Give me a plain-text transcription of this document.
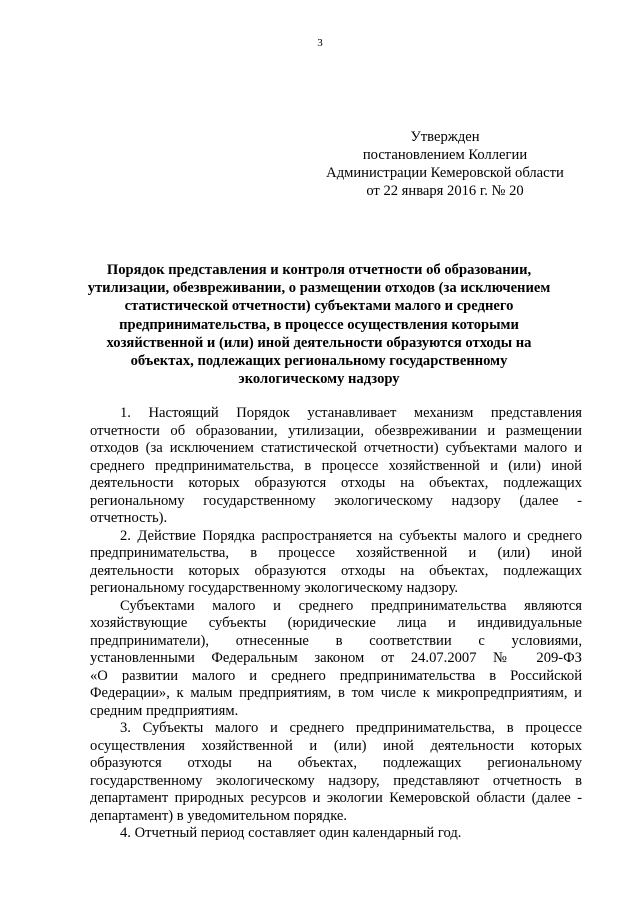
3
Утвержден
постановлением Коллегии
Администрации Кемеровской области
от 22 января 2016 г. № 20
Порядок представления и контроля отчетности об образовании,
утилизации, обезвреживании, о размещении отходов (за исключением
статистической отчетности) субъектами малого и среднего
предпринимательства, в процессе осуществления которыми
хозяйственной и (или) иной деятельности образуются отходы на
объектах, подлежащих региональному государственному
экологическому надзору
1. Настоящий Порядок устанавливает механизм представления
отчетности об образовании, утилизации, обезвреживании и размещении
отходов (за исключением статистической отчетности) субъектами малого и
среднего предпринимательства, в процессе хозяйственной и (или) иной
деятельности которых образуются отходы на объектах, подлежащих
региональному государственному экологическому надзору (далее -
отчетность).
2. Действие Порядка распространяется на субъекты малого и среднего
предпринимательства, в процессе хозяйственной и (или) иной
деятельности которых образуются отходы на объектах, подлежащих
региональному государственному экологическому надзору.
Субъектами малого и среднего предпринимательства являются
хозяйствующие субъекты (юридические лица и индивидуальные
предприниматели), отнесенные в соответствии с условиями,
установленными Федеральным законом от 24.07.2007 № 209-ФЗ
«О развитии малого и среднего предпринимательства в Российской
Федерации», к малым предприятиям, в том числе к микропредприятиям, и
средним предприятиям.
3. Субъекты малого и среднего предпринимательства, в процессе
осуществления хозяйственной и (или) иной деятельности которых
образуются отходы на объектах, подлежащих региональному
государственному экологическому надзору, представляют отчетность в
департамент природных ресурсов и экологии Кемеровской области (далее -
департамент) в уведомительном порядке.
4. Отчетный период составляет один календарный год.
